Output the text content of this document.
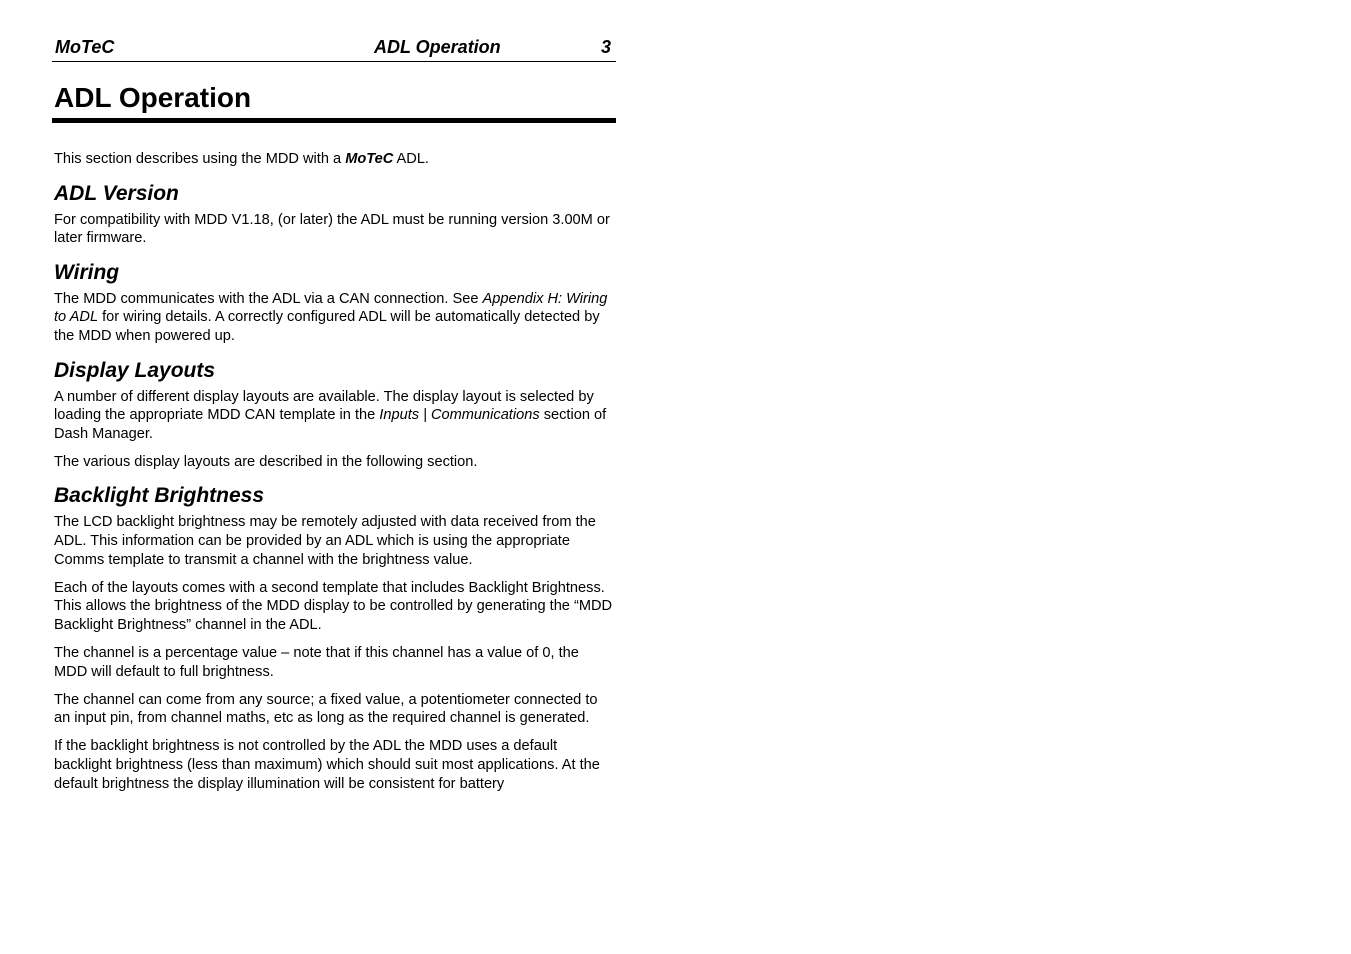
MoTeC	ADL Operation	3
ADL Operation

This section describes using the MDD with a MoTeC ADL.

ADL Version

For compatibility with MDD V1.18, (or later) the ADL must be running version 3.00M or later firmware.

Wiring

The MDD communicates with the ADL via a CAN connection. See Appendix H: Wiring to ADL for wiring details. A correctly configured ADL will be automatically detected by the MDD when powered up.

Display Layouts

A number of different display layouts are available. The display layout is selected by loading the appropriate MDD CAN template in the Inputs | Communications section of Dash Manager.

The various display layouts are described in the following section.

Backlight Brightness

The LCD backlight brightness may be remotely adjusted with data received from the ADL. This information can be provided by an ADL which is using the appropriate Comms template to transmit a channel with the brightness value.

Each of the layouts comes with a second template that includes Backlight Brightness. This allows the brightness of the MDD display to be controlled by generating the “MDD Backlight Brightness” channel in the ADL.

The channel is a percentage value – note that if this channel has a value of 0, the MDD will default to full brightness.

The channel can come from any source; a fixed value, a potentiometer connected to an input pin, from channel maths, etc as long as the required channel is generated.

If the backlight brightness is not controlled by the ADL the MDD uses a default backlight brightness (less than maximum) which should suit most applications. At the default brightness the display illumination will be consistent for battery
